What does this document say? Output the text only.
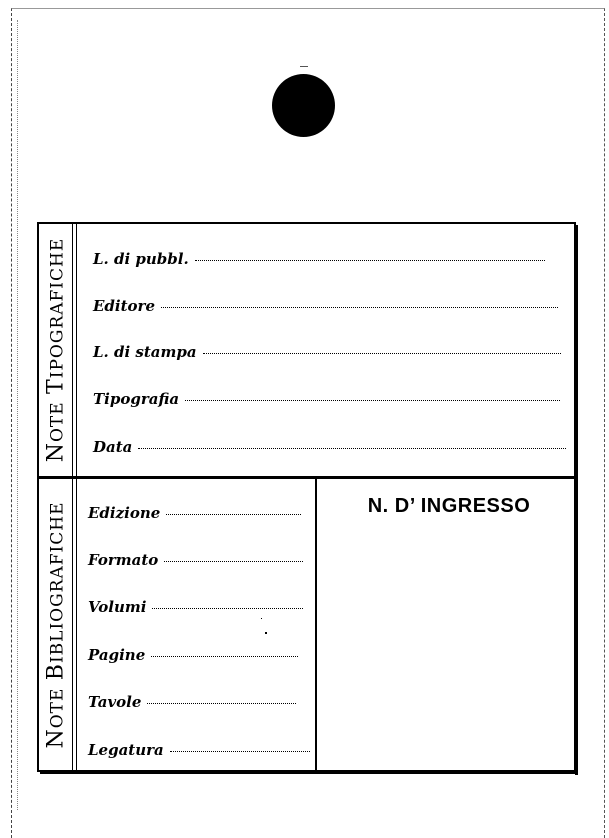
NOTE TIPOGRAFICHE
NOTE BIBLIOGRAFICHE
L. di pubbl.
Editore
L. di stampa
Tipografia
Data
Edizione
Formato
Volumi
Pagine
Tavole
Legatura
N. D’ INGRESSO
